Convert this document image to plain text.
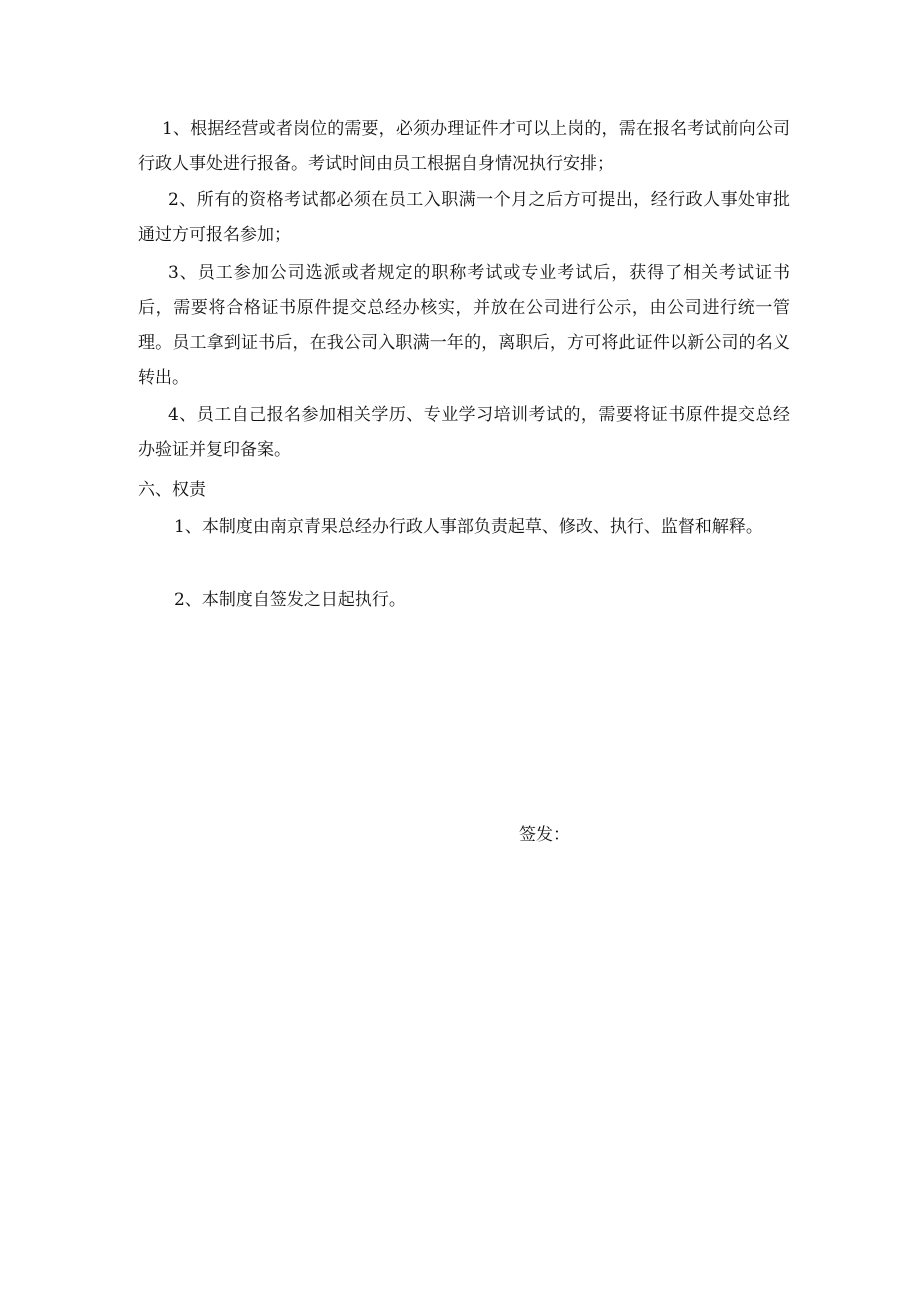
1、根据经营或者岗位的需要，必须办理证件才可以上岗的，需在报名考试前向公司行政人事处进行报备。考试时间由员工根据自身情况执行安排；

2、所有的资格考试都必须在员工入职满一个月之后方可提出，经行政人事处审批通过方可报名参加；

3、员工参加公司选派或者规定的职称考试或专业考试后，获得了相关考试证书后，需要将合格证书原件提交总经办核实，并放在公司进行公示，由公司进行统一管理。员工拿到证书后，在我公司入职满一年的，离职后，方可将此证件以新公司的名义转出。

4、员工自己报名参加相关学历、专业学习培训考试的，需要将证书原件提交总经办验证并复印备案。

六、权责

1、本制度由南京青果总经办行政人事部负责起草、修改、执行、监督和解释。

2、本制度自签发之日起执行。

签发：
